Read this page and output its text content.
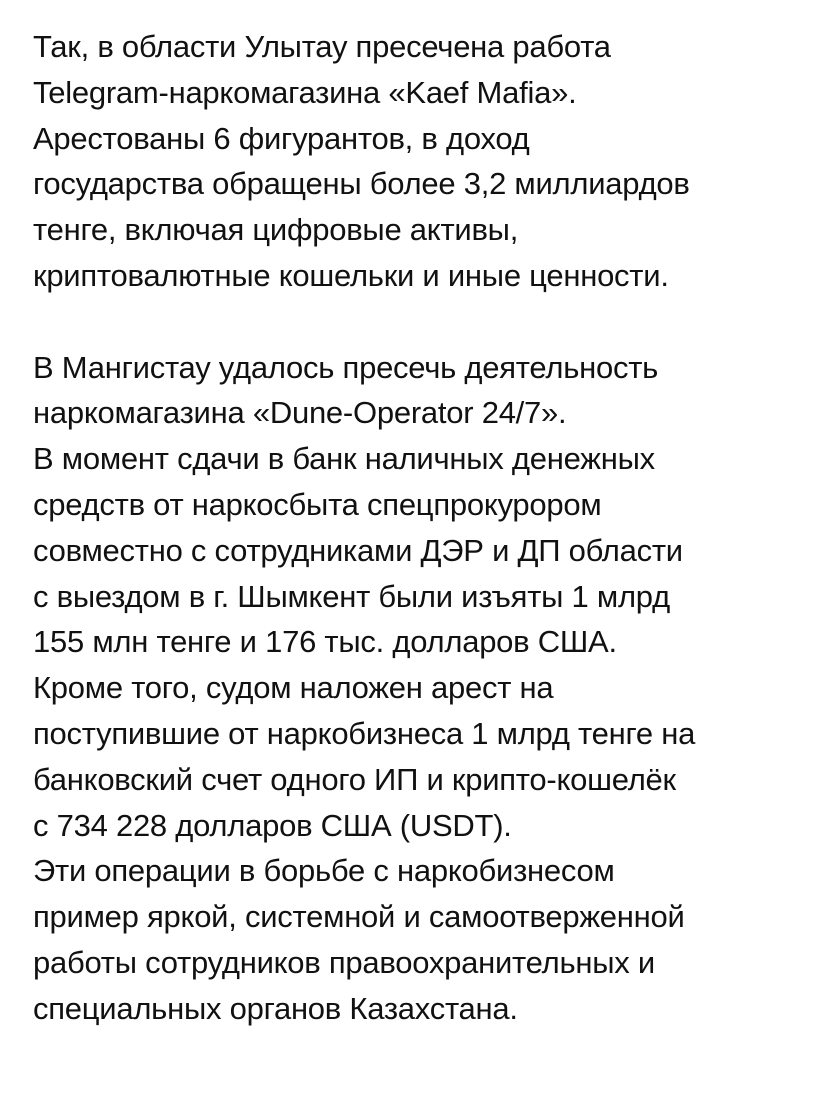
Так, в области Улытау пресечена работа
Telegram-наркомагазина «Kaef Mafia».
Арестованы 6 фигурантов, в доход
государства обращены более 3,2 миллиардов
тенге, включая цифровые активы,
криптовалютные кошельки и иные ценности.
В Мангистау удалось пресечь деятельность
наркомагазина «Dune-Operator 24/7».
В момент сдачи в банк наличных денежных
средств от наркосбыта спецпрокурором
совместно с сотрудниками ДЭР и ДП области
с выездом в г. Шымкент были изъяты 1 млрд
155 млн тенге и 176 тыс. долларов США.
Кроме того, судом наложен арест на
поступившие от наркобизнеса 1 млрд тенге на
банковский счет одного ИП и крипто-кошелёк
с 734 228 долларов США (USDT).
Эти операции в борьбе с наркобизнесом
пример яркой, системной и самоотверженной
работы сотрудников правоохранительных и
специальных органов Казахстана.
